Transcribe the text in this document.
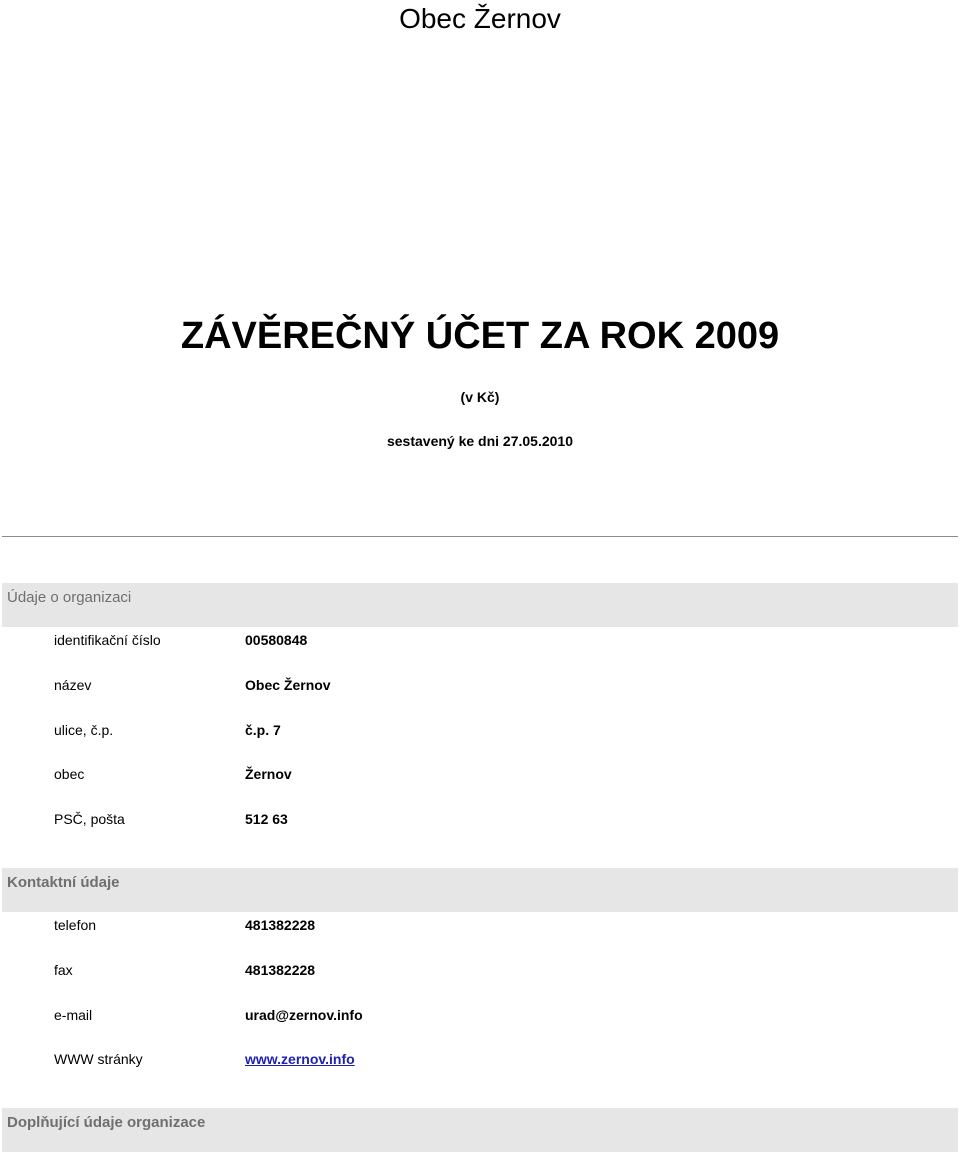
Obec Žernov
ZÁVĚREČNÝ ÚČET ZA ROK 2009
(v Kč)
sestavený ke dni 27.05.2010
Údaje o organizaci
identifikační číslo	00580848
název	Obec Žernov
ulice, č.p.	č.p. 7
obec	Žernov
PSČ, pošta	512 63
Kontaktní údaje
telefon	481382228
fax	481382228
e-mail	urad@zernov.info
WWW stránky	www.zernov.info
Doplňující údaje organizace
